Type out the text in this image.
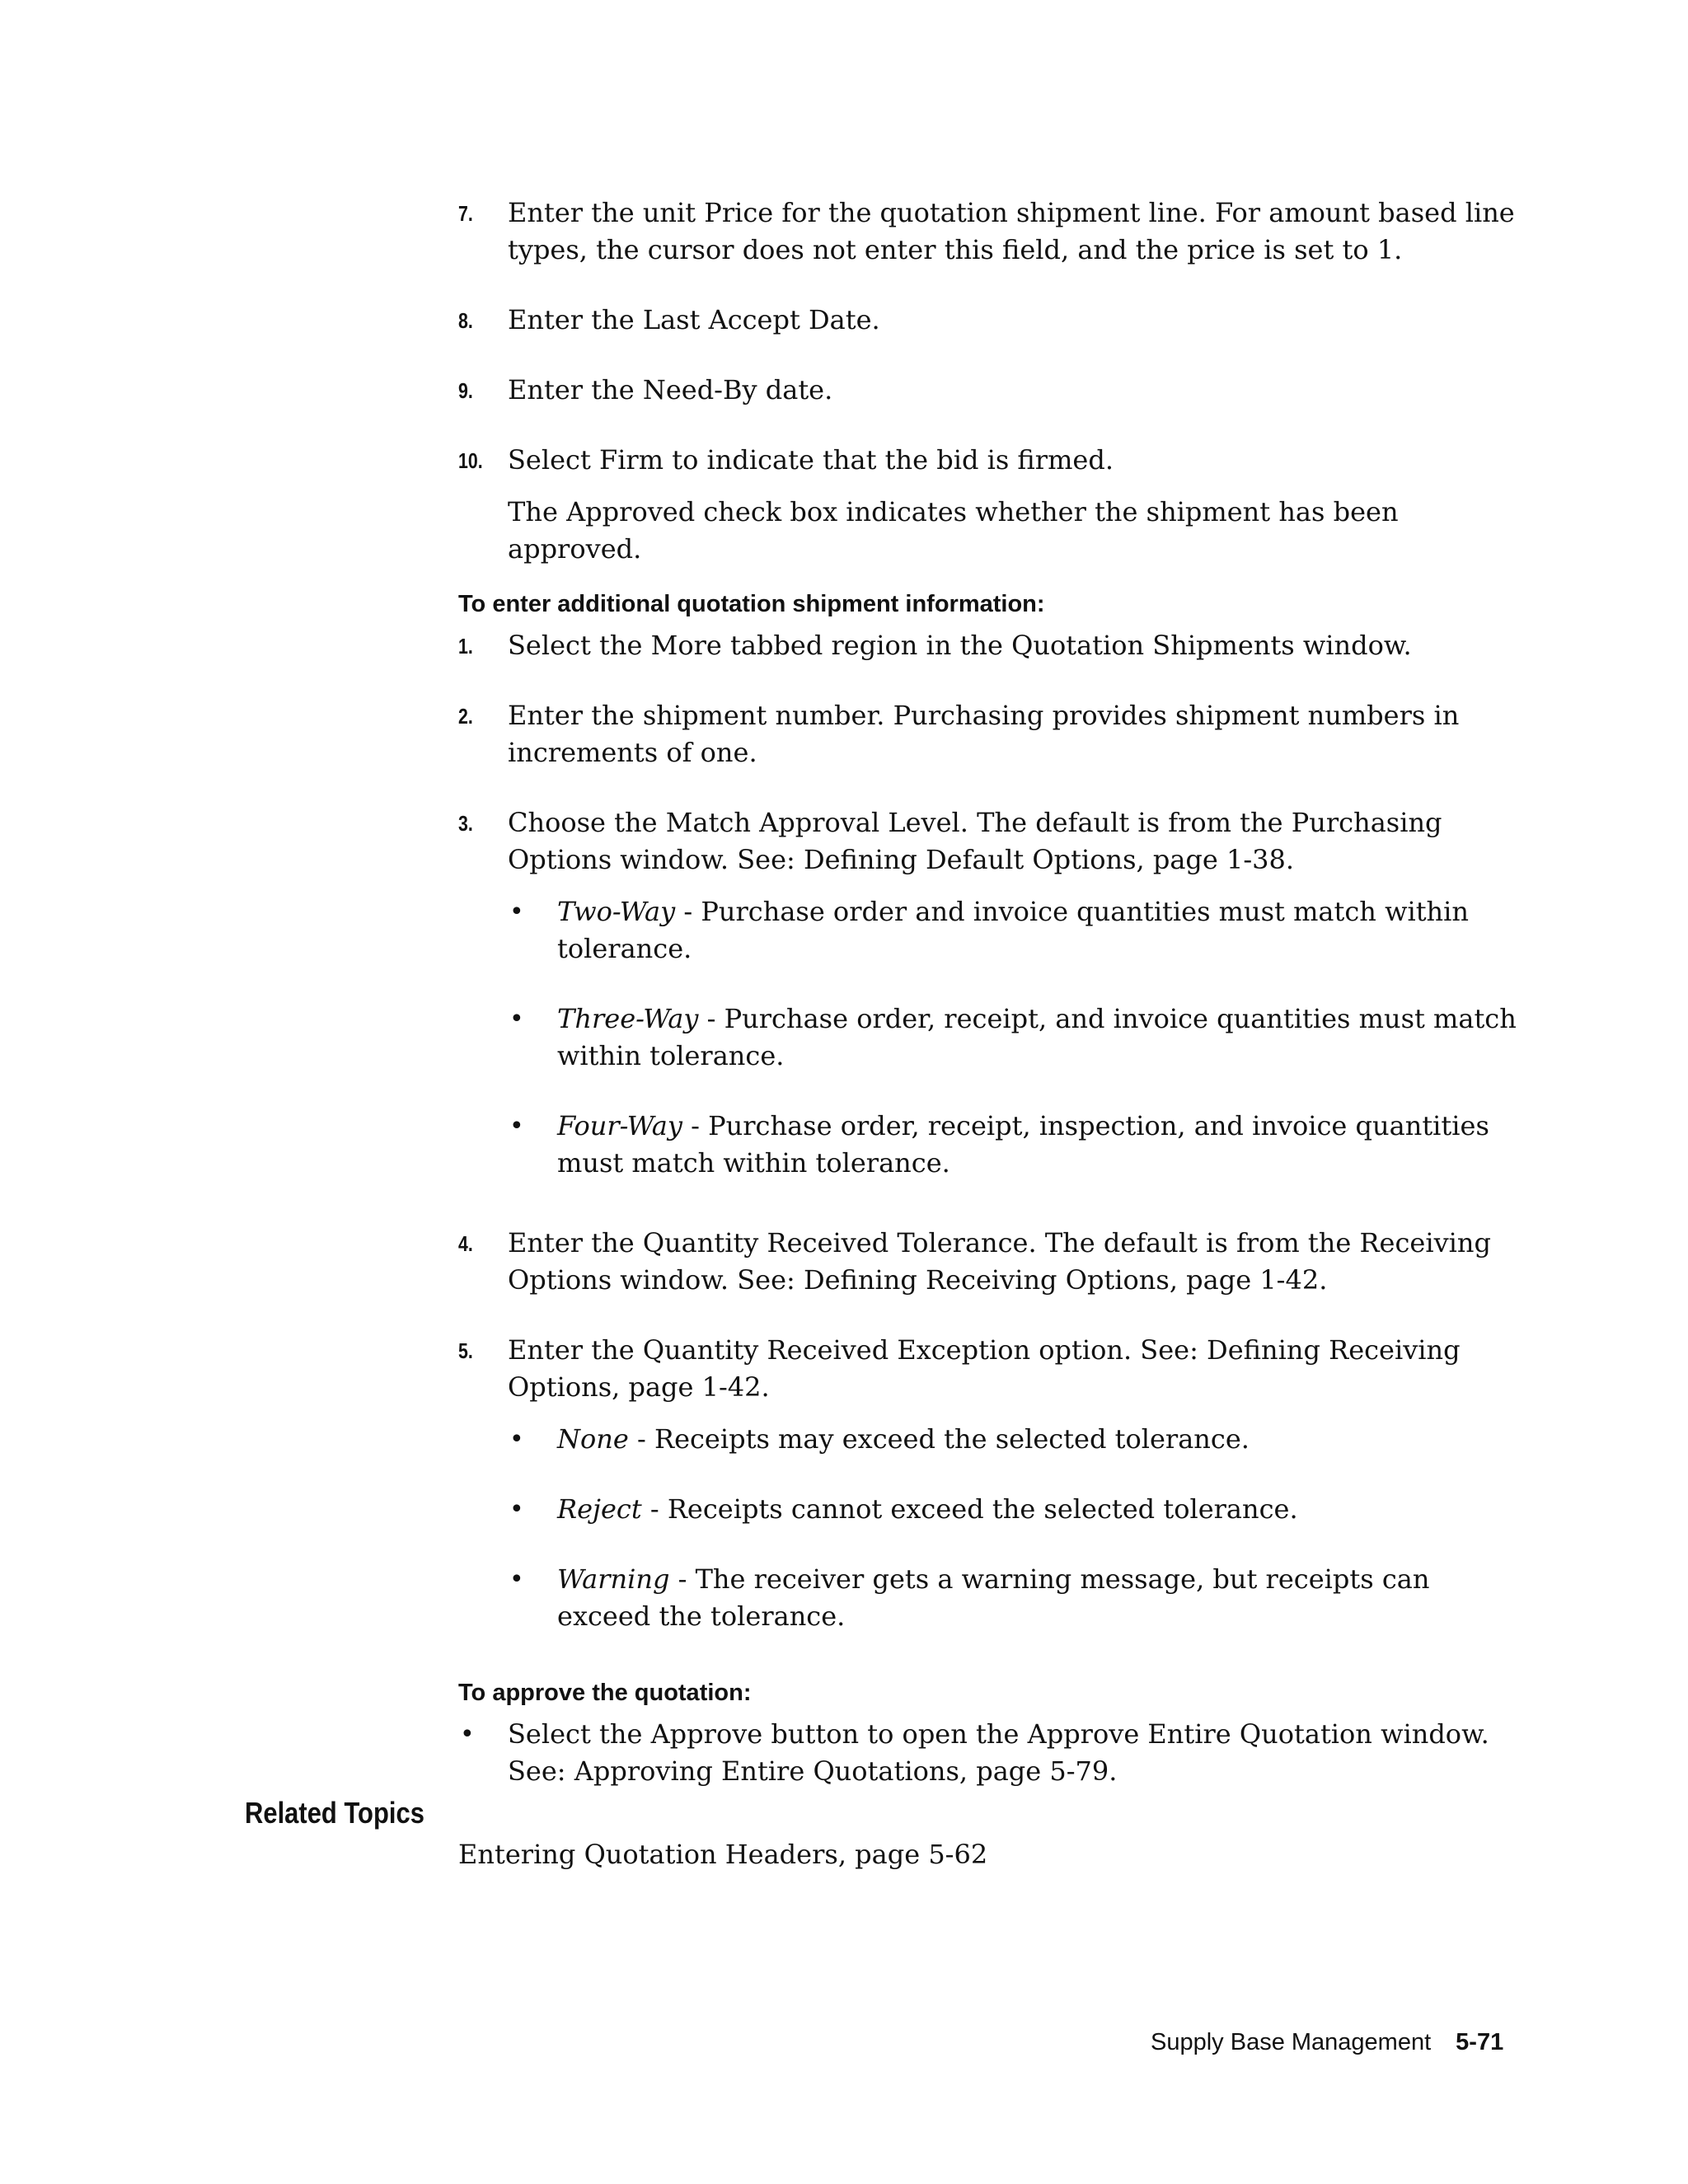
7. Enter the unit Price for the quotation shipment line. For amount based line types, the cursor does not enter this field, and the price is set to 1.
8. Enter the Last Accept Date.
9. Enter the Need-By date.
10. Select Firm to indicate that the bid is firmed.
The Approved check box indicates whether the shipment has been approved.
To enter additional quotation shipment information:
1. Select the More tabbed region in the Quotation Shipments window.
2. Enter the shipment number. Purchasing provides shipment numbers in increments of one.
3. Choose the Match Approval Level. The default is from the Purchasing Options window. See: Defining Default Options, page 1-38.
• Two-Way - Purchase order and invoice quantities must match within tolerance.
• Three-Way - Purchase order, receipt, and invoice quantities must match within tolerance.
• Four-Way - Purchase order, receipt, inspection, and invoice quantities must match within tolerance.
4. Enter the Quantity Received Tolerance. The default is from the Receiving Options window. See: Defining Receiving Options, page 1-42.
5. Enter the Quantity Received Exception option. See: Defining Receiving Options, page 1-42.
• None - Receipts may exceed the selected tolerance.
• Reject - Receipts cannot exceed the selected tolerance.
• Warning - The receiver gets a warning message, but receipts can exceed the tolerance.
To approve the quotation:
• Select the Approve button to open the Approve Entire Quotation window. See: Approving Entire Quotations, page 5-79.
Related Topics
Entering Quotation Headers, page 5-62
Supply Base Management 5-71
